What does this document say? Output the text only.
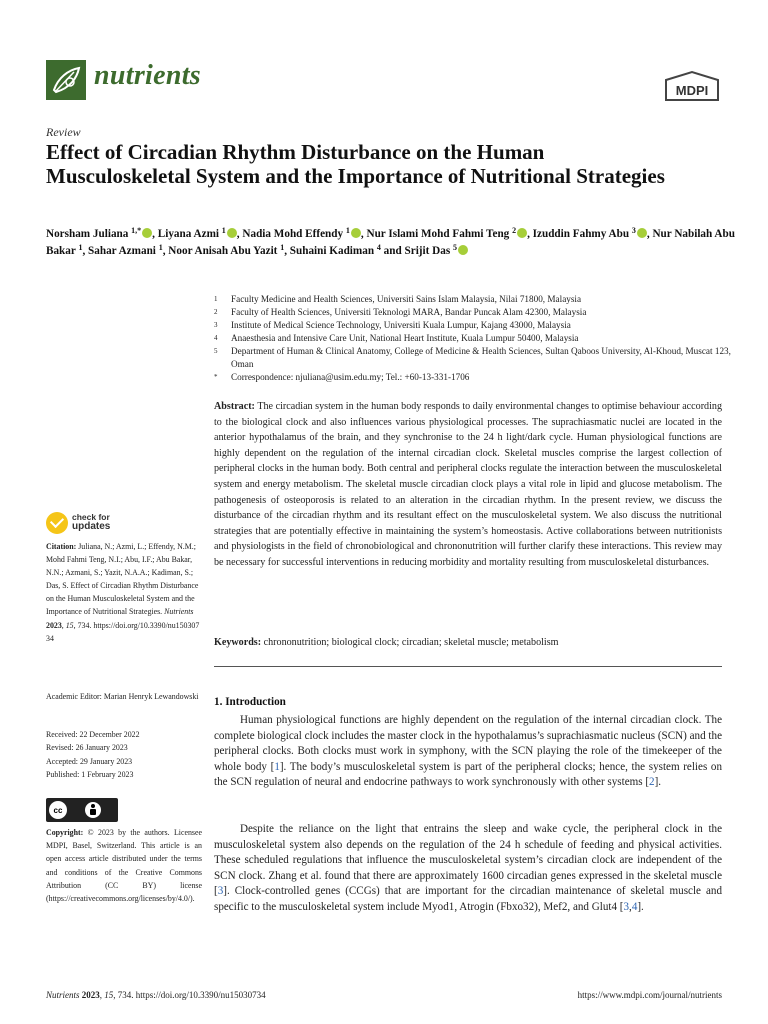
nutrients	MDPI
Review
Effect of Circadian Rhythm Disturbance on the Human Musculoskeletal System and the Importance of Nutritional Strategies

Norsham Juliana $^{1,*}$ , Liyana Azmi $^1$ , Nadia Mohd Effendy $^1$ , Nur Islami Mohd Fahmi Teng $^2$ , Izuddin Fahmy Abu $^3$ , Nur Nabilah Abu Bakar $^1$, Sahar Azmani $^1$, Noor Anisah Abu Yazit $^1$, Suhaini Kadiman $^4$ and Srijit Das $^5$

1	Faculty Medicine and Health Sciences, Universiti Sains Islam Malaysia, Nilai 71800, Malaysia
2	Faculty of Health Sciences, Universiti Teknologi MARA, Bandar Puncak Alam 42300, Malaysia
3	Institute of Medical Science Technology, Universiti Kuala Lumpur, Kajang 43000, Malaysia
4	Anaesthesia and Intensive Care Unit, National Heart Institute, Kuala Lumpur 50400, Malaysia
5	Department of Human & Clinical Anatomy, College of Medicine & Health Sciences, Sultan Qaboos University, Al-Khoud, Muscat 123, Oman
*	Correspondence: njuliana@usim.edu.my; Tel.: +60-13-331-1706

Abstract: The circadian system in the human body responds to daily environmental changes to optimise behaviour according to the biological clock and also influences various physiological processes. The suprachiasmatic nuclei are located in the anterior hypothalamus of the brain, and they synchronise to the 24 h light/dark cycle. Human physiological functions are highly dependent on the regulation of the internal circadian clock. Skeletal muscles comprise the largest collection of peripheral clocks in the human body. Both central and peripheral clocks regulate the interaction between the musculoskeletal system and energy metabolism. The skeletal muscle circadian clock plays a vital role in lipid and glucose metabolism. The pathogenesis of osteoporosis is related to an alteration in the circadian rhythm. In the present review, we discuss the disturbance of the circadian rhythm and its resultant effect on the musculoskeletal system. We also discuss the nutritional strategies that are potentially effective in maintaining the system’s homeostasis. Active collaborations between nutritionists and physiologists in the field of chronobiological and chrononutrition will further clarify these interactions. This review may be necessary for successful interventions in reducing morbidity and mortality resulting from musculoskeletal disturbances.

Keywords: chrononutrition; biological clock; circadian; skeletal muscle; metabolism

check for
updates

Citation: Juliana, N.; Azmi, L.; Effendy, N.M.; Mohd Fahmi Teng, N.I.; Abu, I.F.; Abu Bakar, N.N.; Azmani, S.; Yazit, N.A.A.; Kadiman, S.; Das, S. Effect of Circadian Rhythm Disturbance on the Human Musculoskeletal System and the Importance of Nutritional Strategies. Nutrients 2023, 15, 734. https://doi.org/10.3390/nu15030734

Academic Editor: Marian Henryk Lewandowski

Received: 22 December 2022
Revised: 26 January 2023
Accepted: 29 January 2023
Published: 1 February 2023
cc

Copyright: © 2023 by the authors. Licensee MDPI, Basel, Switzerland. This article is an open access article distributed under the terms and conditions of the Creative Commons Attribution (CC BY) license (https://creativecommons.org/licenses/by/4.0/).

1. Introduction

Human physiological functions are highly dependent on the regulation of the internal circadian clock. The complete biological clock includes the master clock in the hypothalamus’s suprachiasmatic nucleus (SCN) and the peripheral clocks. Both clocks must work in symphony, with the SCN playing the role of the timekeeper of the whole body [1]. The body’s musculoskeletal system is part of the peripheral clocks; hence, the system relies on the SCN regulation of neural and endocrine pathways to work synchronously with other systems [2].

Despite the reliance on the light that entrains the sleep and wake cycle, the peripheral clock in the musculoskeletal system also depends on the regulation of the 24 h schedule of feeding and physical activities. These scheduled regulations that influence the musculoskeletal system’s circadian clock are independent of the SCN clock. Zhang et al. found that there are approximately 1600 circadian genes expressed in the skeletal muscle [3]. Clock-controlled genes (CCGs) that are important for the circadian maintenance of skeletal muscle and specific to the musculoskeletal system include Myod1, Atrogin (Fbxo32), Mef2, and Glut4 [3,4].

Nutrients 2023, 15, 734. https://doi.org/10.3390/nu15030734	https://www.mdpi.com/journal/nutrients
